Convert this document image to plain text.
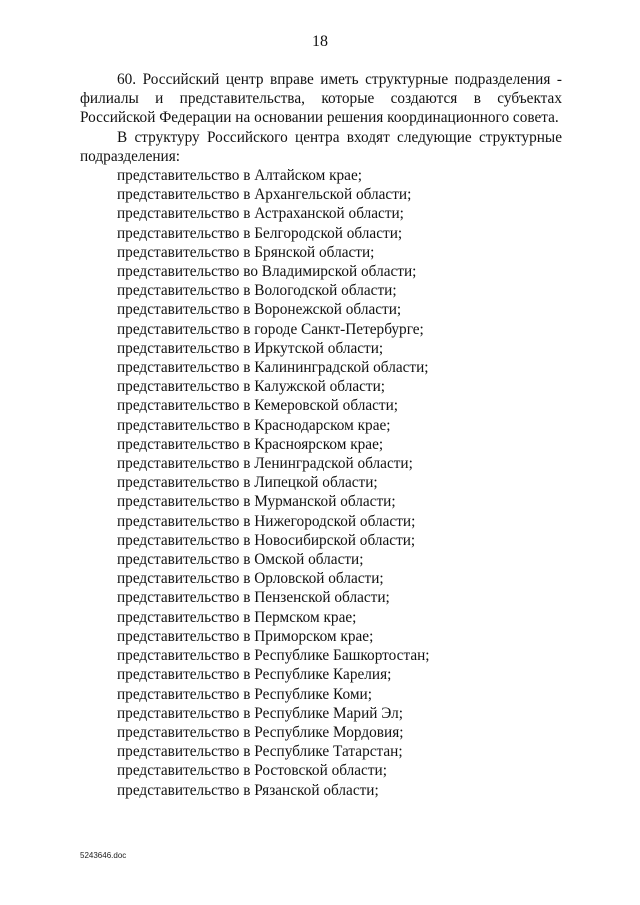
18

60. Российский центр вправе иметь структурные подразделения - филиалы и представительства, которые создаются в субъектах Российской Федерации на основании решения координационного совета.

В структуру Российского центра входят следующие структурные подразделения:

представительство в Алтайском крае;
представительство в Архангельской области;
представительство в Астраханской области;
представительство в Белгородской области;
представительство в Брянской области;
представительство во Владимирской области;
представительство в Вологодской области;
представительство в Воронежской области;
представительство в городе Санкт-Петербурге;
представительство в Иркутской области;
представительство в Калининградской области;
представительство в Калужской области;
представительство в Кемеровской области;
представительство в Краснодарском крае;
представительство в Красноярском крае;
представительство в Ленинградской области;
представительство в Липецкой области;
представительство в Мурманской области;
представительство в Нижегородской области;
представительство в Новосибирской области;
представительство в Омской области;
представительство в Орловской области;
представительство в Пензенской области;
представительство в Пермском крае;
представительство в Приморском крае;
представительство в Республике Башкортостан;
представительство в Республике Карелия;
представительство в Республике Коми;
представительство в Республике Марий Эл;
представительство в Республике Мордовия;
представительство в Республике Татарстан;
представительство в Ростовской области;
представительство в Рязанской области;
5243646.doc
